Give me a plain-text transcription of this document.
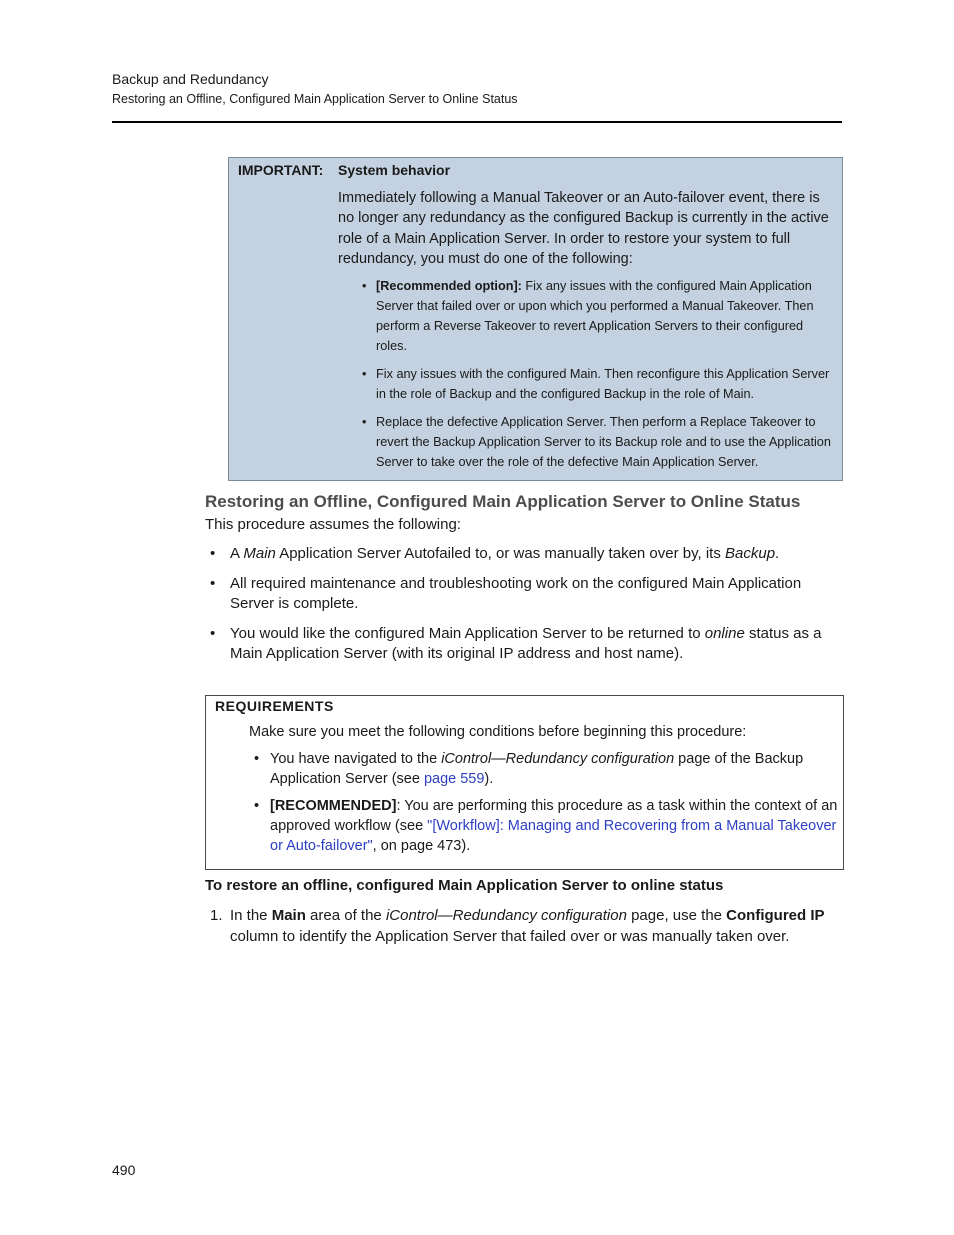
Backup and Redundancy
Restoring an Offline, Configured Main Application Server to Online Status
IMPORTANT: System behavior
Immediately following a Manual Takeover or an Auto-failover event, there is no longer any redundancy as the configured Backup is currently in the active role of a Main Application Server. In order to restore your system to full redundancy, you must do one of the following:
• [Recommended option]: Fix any issues with the configured Main Application Server that failed over or upon which you performed a Manual Takeover. Then perform a Reverse Takeover to revert Application Servers to their configured roles.
• Fix any issues with the configured Main. Then reconfigure this Application Server in the role of Backup and the configured Backup in the role of Main.
• Replace the defective Application Server. Then perform a Replace Takeover to revert the Backup Application Server to its Backup role and to use the Application Server to take over the role of the defective Main Application Server.
Restoring an Offline, Configured Main Application Server to Online Status
This procedure assumes the following:
• A Main Application Server Autofailed to, or was manually taken over by, its Backup.
• All required maintenance and troubleshooting work on the configured Main Application Server is complete.
• You would like the configured Main Application Server to be returned to online status as a Main Application Server (with its original IP address and host name).
REQUIREMENTS
Make sure you meet the following conditions before beginning this procedure:
• You have navigated to the iControl—Redundancy configuration page of the Backup Application Server (see page 559).
• [RECOMMENDED]: You are performing this procedure as a task within the context of an approved workflow (see "[Workflow]: Managing and Recovering from a Manual Takeover or Auto-failover", on page 473).
To restore an offline, configured Main Application Server to online status
1. In the Main area of the iControl—Redundancy configuration page, use the Configured IP column to identify the Application Server that failed over or was manually taken over.
490
